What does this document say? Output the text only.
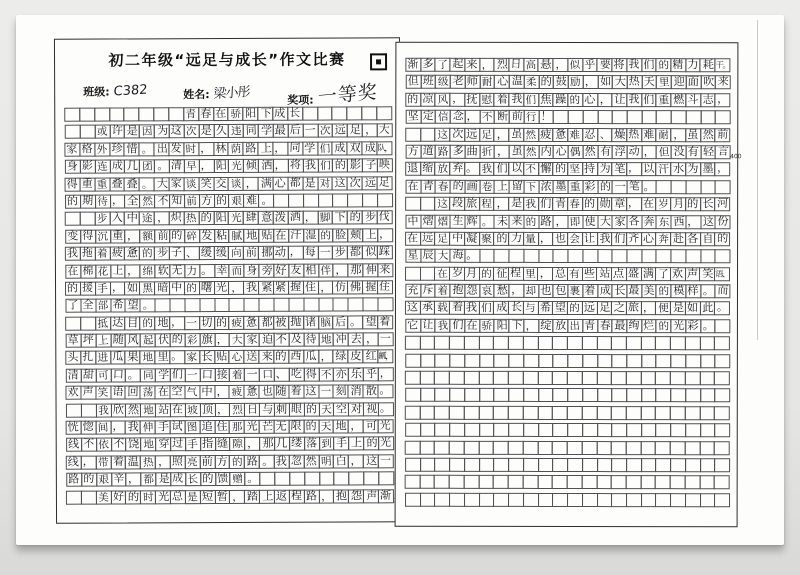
初二年级“远足与成长”作文比赛
班级: C382	姓名: 梁小彤	奖项: 一等奖
青 春 在 骄 阳 下 成 长
或 许 是 因 为 这 次 是 久 违 同 学 最 后 一 次 远 足 ， 大
家 格 外 珍 惜 。 出 发 时 ， 林 荫 路 上 ， 同 学 们 成 双 成 队，
身 影 连 成 几 团 。 清 早 ， 阳 光 倾 洒 ， 将 我 们 的 影 子 映
得 重 重 叠 叠 。 大 家 谈 笑 交 谈 ， 满 心 都 是 对 这 次 远 足
的 期 待 ， 全 然 不 知 前 方 的 艰 难 。
步 入 中 途 ， 炽 热 的 阳 光 肆 意 泼 洒 ， 脚 下 的 步 伐
变 得 沉 重 ， 额 前 的 碎 发 粘 腻 地 贴 在 汗 湿 的 脸 颊 上 ，
我 拖 着 疲 惫 的 步 子 、 缓 缓 向 前 挪 动 ， 每 一 步 都 似 踩
在 棉 花 上 ， 绵 软 无 力 。 幸 而 身 旁 好 友 相 伴 ， 那 伸 来
的 援 手 ， 如 黑 暗 中 的 曙 光 ， 我 紧 紧 握 住 ， 仿 佛 握 住
了 全 部 希 望 。
抵 达 目 的 地 ， 一 切 的 疲 惫 都 被 抛 诸 脑 后 。 望 着
草 坪 上 随 风 起 伏 的 彩 旗 ， 大 家 迫 不 及 待 地 冲 去 ， 一
头 扎 进 瓜 果 地 里 。 家 长 贴 心 送 来 的 西 瓜 ， 绿 皮 红 瓤，
清 甜 可 口 。 同 学 们 一 口 接 着 一 口 、 吃 得 不 亦 乐 乎 ，
欢 声 笑 语 回 荡 在 空 气 中 ， 疲 惫 也 随 着 这 一 刻 消 散 。
我 欣 然 地 站 在 坡 顶 ， 烈 日 与 刺 眼 的 天 空 对 视 。
恍 惚 间 ， 我 伸 手 试 图 追 住 那 光 芒 无 限 的 天 地 ， 可 光
线 不 依 不 饶 地 穿 过 手 指 缝 隙 ， 那 几 缕 落 到 手 上 的 光
线 ， 带 着 温 热 ， 照 亮 前 方 的 路 。 我 忽 然 明 白 ， 这 一
路 的 艰 辛 ， 都 是 成 长 的 馈 赠 。
美 好 的 时 光 总 是 短 暂 ， 踏 上 返 程 路 ， 抱 怨 声 渐
渐 多 了 起 来 ， 烈 日 高 悬 ， 似 乎 要 将 我 们 的 精 力 耗 干。
但 班 级 老 师 耐 心 温 柔 的 鼓 励 ， 如 大 热 天 里 迎 面 吹 来
的 凉 风 ， 抚 慰 着 我 们 焦 躁 的 心 ， 让 我 们 重 燃 斗 志 ，
坚 定 信 念 ， 不 断 前 行 ！
这 次 远 足 ， 虽 然 疲 惫 难 忍 、 燥 热 难 耐 ， 虽 然 前
方 道 路 多 曲 折 ， 虽 然 内 心 偶 然 有 浮 动 ， 但 没 有 轻 言 400
退 缩 放 弃 。 我 们 以 不 懈 的 坚 持 为 笔 ， 以 汗 水 为 墨 ，
在 青 春 的 画 卷 上 留 下 浓 墨 重 彩 的 一 笔 。
这 段 旅 程 ， 是 我 们 青 春 的 勋 章 ， 在 岁 月 的 长 河
中 熠 熠 生 辉 。 未 来 的 路 ， 即 使 大 家 各 奔 东 西 ， 这 份
在 远 足 中 凝 聚 的 力 量 ， 也 会 让 我 们 齐 心 奔 赴 各 自 的
星 辰 大 海 。
在 岁 月 的 征 程 里 ， 总 有 些 站 点 盛 满 了 欢 声 笑 语、
充 斥 着 抱 怨 哀 愁 ， 却 也 包 裹 着 成 长 最 美 的 模 样 。 而
这 承 载 着 我 们 成 长 与 希 望 的 远 足 之 旅 ， 便 是 如 此 。
它 让 我 们 在 骄 阳 下 ， 绽 放 出 青 春 最 绚 烂 的 光 彩 。
